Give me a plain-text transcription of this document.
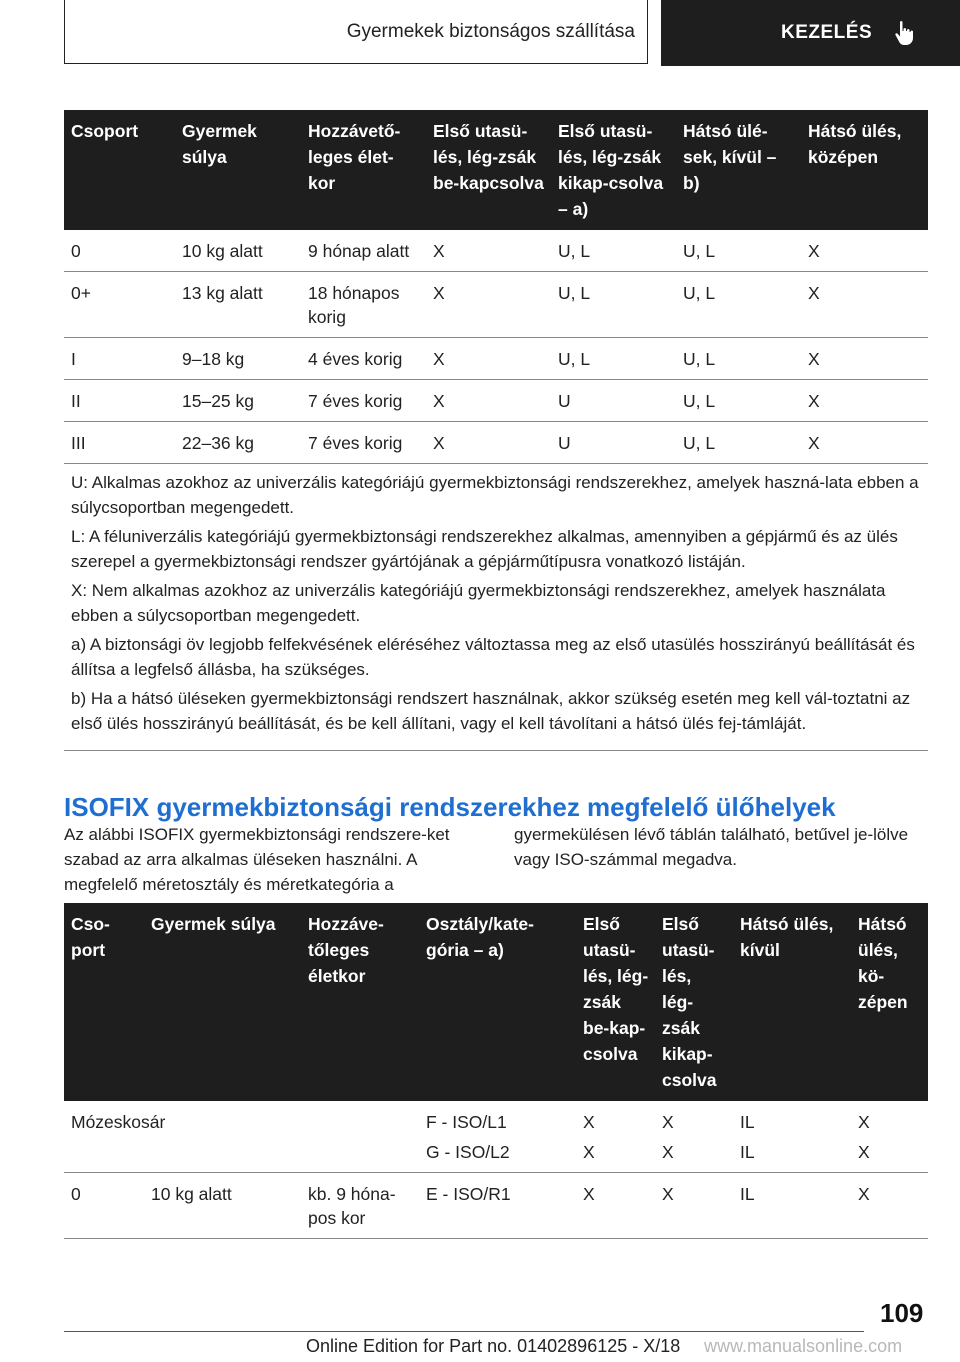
Gyermekek biztonságos szállítása	KEZELÉS
Csoport	Gyermek súlya	Hozzávető-leges élet-kor	Első utasü-lés, lég-zsák be-kapcsolva	Első utasü-lés, lég-zsák kikap-csolva – a)	Hátsó ülé-sek, kívül – b)	Hátsó ülés, középen
0	10 kg alatt	9 hónap alatt	X	U, L	U, L	X
0+	13 kg alatt	18 hónapos korig	X	U, L	U, L	X
I	9–18 kg	4 éves korig	X	U, L	U, L	X
II	15–25 kg	7 éves korig	X	U	U, L	X
III	22–36 kg	7 éves korig	X	U	U, L	X

U: Alkalmas azokhoz az univerzális kategóriájú gyermekbiztonsági rendszerekhez, amelyek haszná-lata ebben a súlycsoportban megengedett.

L: A féluniverzális kategóriájú gyermekbiztonsági rendszerekhez alkalmas, amennyiben a gépjármű és az ülés szerepel a gyermekbiztonsági rendszer gyártójának a gépjárműtípusra vonatkozó listáján.

X: Nem alkalmas azokhoz az univerzális kategóriájú gyermekbiztonsági rendszerekhez, amelyek használata ebben a súlycsoportban megengedett.

a) A biztonsági öv legjobb felfekvésének eléréséhez változtassa meg az első utasülés hosszirányú beállítását és állítsa a legfelső állásba, ha szükséges.

b) Ha a hátsó üléseken gyermekbiztonsági rendszert használnak, akkor szükség esetén meg kell vál-toztatni az első ülés hosszirányú beállítását, és be kell állítani, vagy el kell távolítani a hátsó ülés fej-támláját.						

ISOFIX gyermekbiztonsági rendszerekhez megfelelő ülőhelyek
Az alábbi ISOFIX gyermekbiztonsági rendszere-ket szabad az arra alkalmas üléseken használni. A megfelelő méretosztály és méretkategória a
gyermekülésen lévő táblán található, betűvel je-lölve vagy ISO-számmal megadva.
Cso-port	Gyermek súlya	Hozzáve-tőleges életkor	Osztály/kate-gória – a)	Első utasü-lés, lég-zsák be-kap-csolva	Első utasü-lés, lég-zsák kikap-csolva	Hátsó ülés, kívül	Hátsó ülés, kö-zépen
Mózeskosár			F - ISO/L1	X	X	IL	X
			G - ISO/L2	X	X	IL	X
0	10 kg alatt	kb. 9 hóna-pos kor	E - ISO/R1	X	X	IL	X
109
Online Edition for Part no. 01402896125 - X/18 www.manualsonline.com
